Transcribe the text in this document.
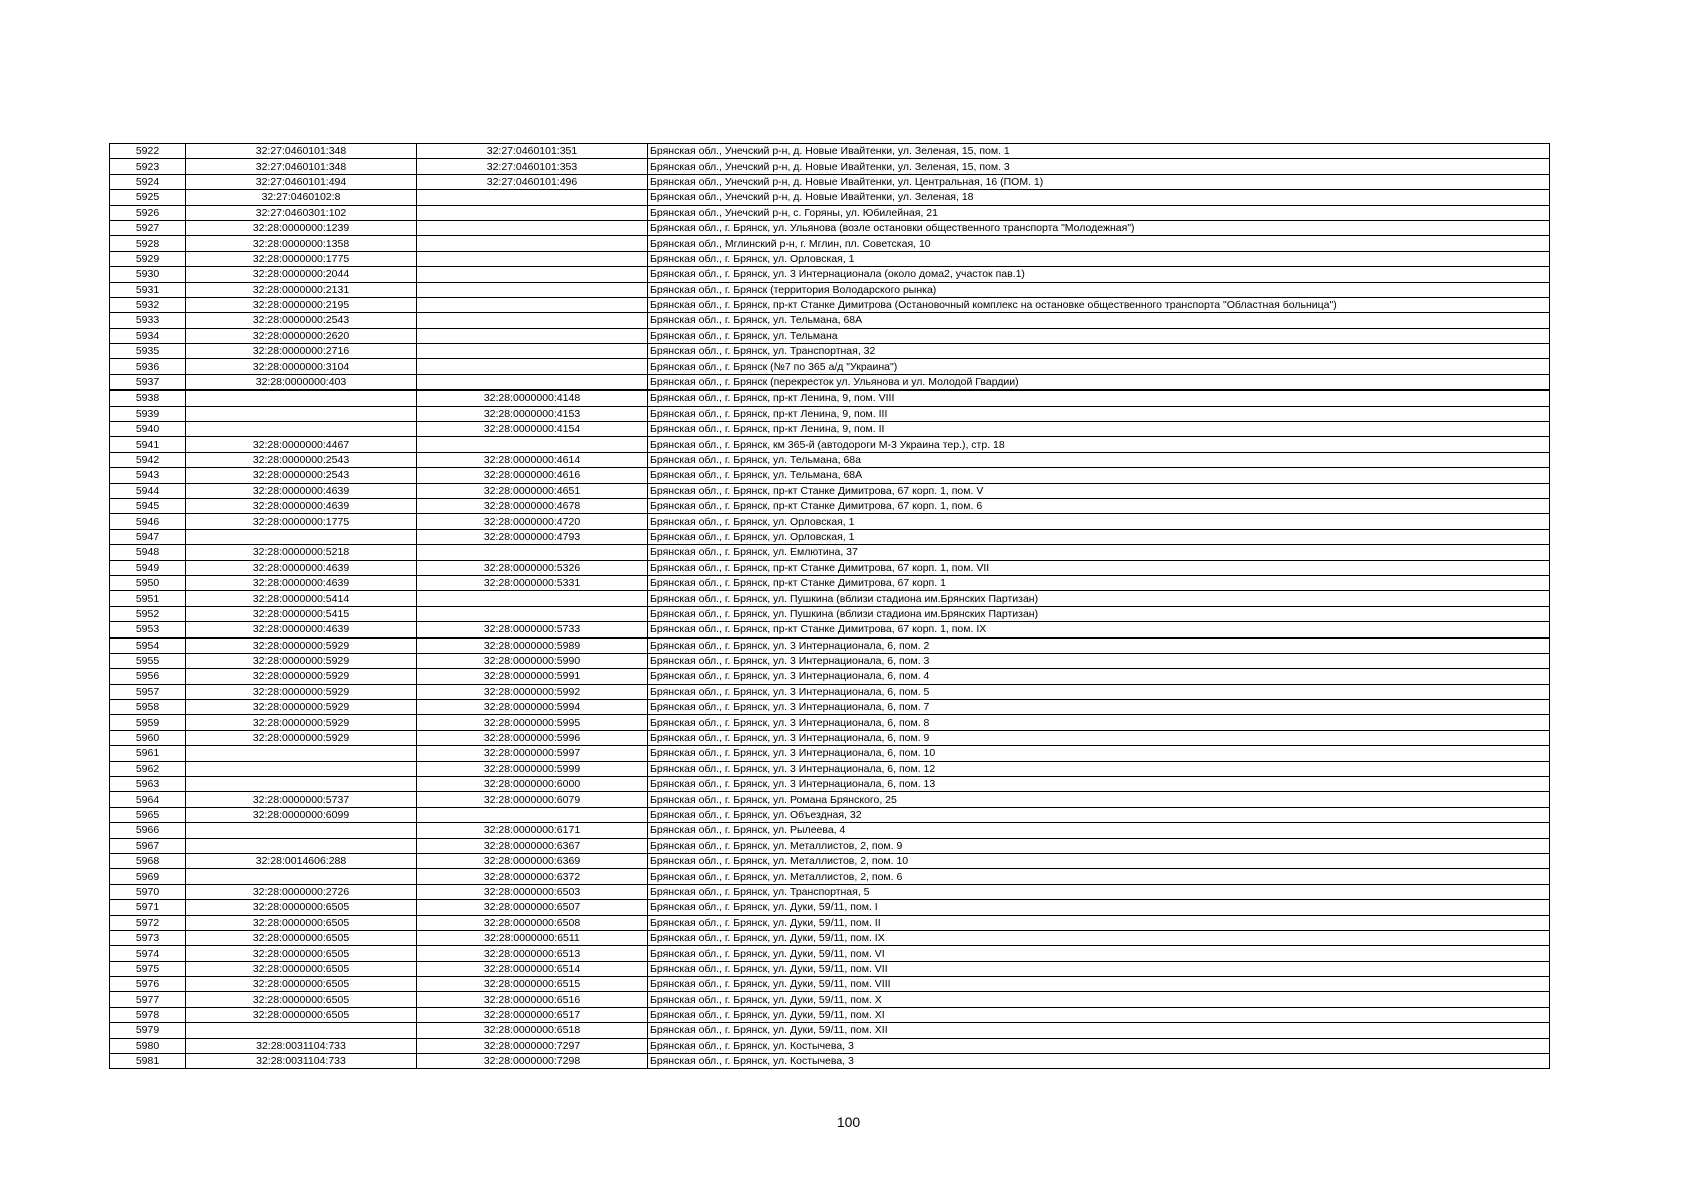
5922	32:27:0460101:348	32:27:0460101:351	Брянская обл., Унечский р-н, д. Новые Ивайтенки, ул. Зеленая, 15, пом. 1
5923	32:27:0460101:348	32:27:0460101:353	Брянская обл., Унечский р-н, д. Новые Ивайтенки, ул. Зеленая, 15, пом. 3
5924	32:27:0460101:494	32:27:0460101:496	Брянская обл., Унечский р-н, д. Новые Ивайтенки, ул. Центральная, 16 (ПОМ. 1)
5925	32:27:0460102:8		Брянская обл., Унечский р-н, д. Новые Ивайтенки, ул. Зеленая, 18
5926	32:27:0460301:102		Брянская обл., Унечский р-н, с. Горяны, ул. Юбилейная, 21
5927	32:28:0000000:1239		Брянская обл., г. Брянск, ул. Ульянова (возле остановки общественного транспорта "Молодежная")
5928	32:28:0000000:1358		Брянская обл., Мглинский р-н, г. Мглин, пл. Советская, 10
5929	32:28:0000000:1775		Брянская обл., г. Брянск, ул. Орловская, 1
5930	32:28:0000000:2044		Брянская обл., г. Брянск, ул. 3 Интернационала (около дома2, участок пав.1)
5931	32:28:0000000:2131		Брянская обл., г. Брянск (территория Володарского рынка)
5932	32:28:0000000:2195		Брянская обл., г. Брянск, пр-кт Станке Димитрова (Остановочный комплекс на остановке общественного транспорта "Областная больница")
5933	32:28:0000000:2543		Брянская обл., г. Брянск, ул. Тельмана, 68А
5934	32:28:0000000:2620		Брянская обл., г. Брянск, ул. Тельмана
5935	32:28:0000000:2716		Брянская обл., г. Брянск, ул. Транспортная, 32
5936	32:28:0000000:3104		Брянская обл., г. Брянск (№7 по 365 а/д "Украина")
5937	32:28:0000000:403		Брянская обл., г. Брянск (перекресток ул. Ульянова и ул. Молодой Гвардии)
5938		32:28:0000000:4148	Брянская обл., г. Брянск, пр-кт Ленина, 9, пом. VIII
5939		32:28:0000000:4153	Брянская обл., г. Брянск, пр-кт Ленина, 9, пом. III
5940		32:28:0000000:4154	Брянская обл., г. Брянск, пр-кт Ленина, 9, пом. II
5941	32:28:0000000:4467		Брянская обл., г. Брянск, км 365-й (автодороги М-3 Украина тер.), стр. 18
5942	32:28:0000000:2543	32:28:0000000:4614	Брянская обл., г. Брянск, ул. Тельмана, 68а
5943	32:28:0000000:2543	32:28:0000000:4616	Брянская обл., г. Брянск, ул. Тельмана, 68А
5944	32:28:0000000:4639	32:28:0000000:4651	Брянская обл., г. Брянск, пр-кт Станке Димитрова, 67 корп. 1, пом. V
5945	32:28:0000000:4639	32:28:0000000:4678	Брянская обл., г. Брянск, пр-кт Станке Димитрова, 67 корп. 1, пом. 6
5946	32:28:0000000:1775	32:28:0000000:4720	Брянская обл., г. Брянск, ул. Орловская, 1
5947		32:28:0000000:4793	Брянская обл., г. Брянск, ул. Орловская, 1
5948	32:28:0000000:5218		Брянская обл., г. Брянск, ул. Емлютина, 37
5949	32:28:0000000:4639	32:28:0000000:5326	Брянская обл., г. Брянск, пр-кт Станке Димитрова, 67 корп. 1, пом. VII
5950	32:28:0000000:4639	32:28:0000000:5331	Брянская обл., г. Брянск, пр-кт Станке Димитрова, 67 корп. 1
5951	32:28:0000000:5414		Брянская обл., г. Брянск, ул. Пушкина (вблизи стадиона им.Брянских Партизан)
5952	32:28:0000000:5415		Брянская обл., г. Брянск, ул. Пушкина (вблизи стадиона им.Брянских Партизан)
5953	32:28:0000000:4639	32:28:0000000:5733	Брянская обл., г. Брянск, пр-кт Станке Димитрова, 67 корп. 1, пом. IX
5954	32:28:0000000:5929	32:28:0000000:5989	Брянская обл., г. Брянск, ул. 3 Интернационала, 6, пом. 2
5955	32:28:0000000:5929	32:28:0000000:5990	Брянская обл., г. Брянск, ул. 3 Интернационала, 6, пом. 3
5956	32:28:0000000:5929	32:28:0000000:5991	Брянская обл., г. Брянск, ул. 3 Интернационала, 6, пом. 4
5957	32:28:0000000:5929	32:28:0000000:5992	Брянская обл., г. Брянск, ул. 3 Интернационала, 6, пом. 5
5958	32:28:0000000:5929	32:28:0000000:5994	Брянская обл., г. Брянск, ул. 3 Интернационала, 6, пом. 7
5959	32:28:0000000:5929	32:28:0000000:5995	Брянская обл., г. Брянск, ул. 3 Интернационала, 6, пом. 8
5960	32:28:0000000:5929	32:28:0000000:5996	Брянская обл., г. Брянск, ул. 3 Интернационала, 6, пом. 9
5961		32:28:0000000:5997	Брянская обл., г. Брянск, ул. 3 Интернационала, 6, пом. 10
5962		32:28:0000000:5999	Брянская обл., г. Брянск, ул. 3 Интернационала, 6, пом. 12
5963		32:28:0000000:6000	Брянская обл., г. Брянск, ул. 3 Интернационала, 6, пом. 13
5964	32:28:0000000:5737	32:28:0000000:6079	Брянская обл., г. Брянск, ул. Романа Брянского, 25
5965	32:28:0000000:6099		Брянская обл., г. Брянск, ул. Объездная, 32
5966		32:28:0000000:6171	Брянская обл., г. Брянск, ул. Рылеева, 4
5967		32:28:0000000:6367	Брянская обл., г. Брянск, ул. Металлистов, 2, пом. 9
5968	32:28:0014606:288	32:28:0000000:6369	Брянская обл., г. Брянск, ул. Металлистов, 2, пом. 10
5969		32:28:0000000:6372	Брянская обл., г. Брянск, ул. Металлистов, 2, пом. 6
5970	32:28:0000000:2726	32:28:0000000:6503	Брянская обл., г. Брянск, ул. Транспортная, 5
5971	32:28:0000000:6505	32:28:0000000:6507	Брянская обл., г. Брянск, ул. Дуки, 59/11, пом. I
5972	32:28:0000000:6505	32:28:0000000:6508	Брянская обл., г. Брянск, ул. Дуки, 59/11, пом. II
5973	32:28:0000000:6505	32:28:0000000:6511	Брянская обл., г. Брянск, ул. Дуки, 59/11, пом. IX
5974	32:28:0000000:6505	32:28:0000000:6513	Брянская обл., г. Брянск, ул. Дуки, 59/11, пом. VI
5975	32:28:0000000:6505	32:28:0000000:6514	Брянская обл., г. Брянск, ул. Дуки, 59/11, пом. VII
5976	32:28:0000000:6505	32:28:0000000:6515	Брянская обл., г. Брянск, ул. Дуки, 59/11, пом. VIII
5977	32:28:0000000:6505	32:28:0000000:6516	Брянская обл., г. Брянск, ул. Дуки, 59/11, пом. X
5978	32:28:0000000:6505	32:28:0000000:6517	Брянская обл., г. Брянск, ул. Дуки, 59/11, пом. XI
5979		32:28:0000000:6518	Брянская обл., г. Брянск, ул. Дуки, 59/11, пом. XII
5980	32:28:0031104:733	32:28:0000000:7297	Брянская обл., г. Брянск, ул. Костычева, 3
5981	32:28:0031104:733	32:28:0000000:7298	Брянская обл., г. Брянск, ул. Костычева, 3
100
